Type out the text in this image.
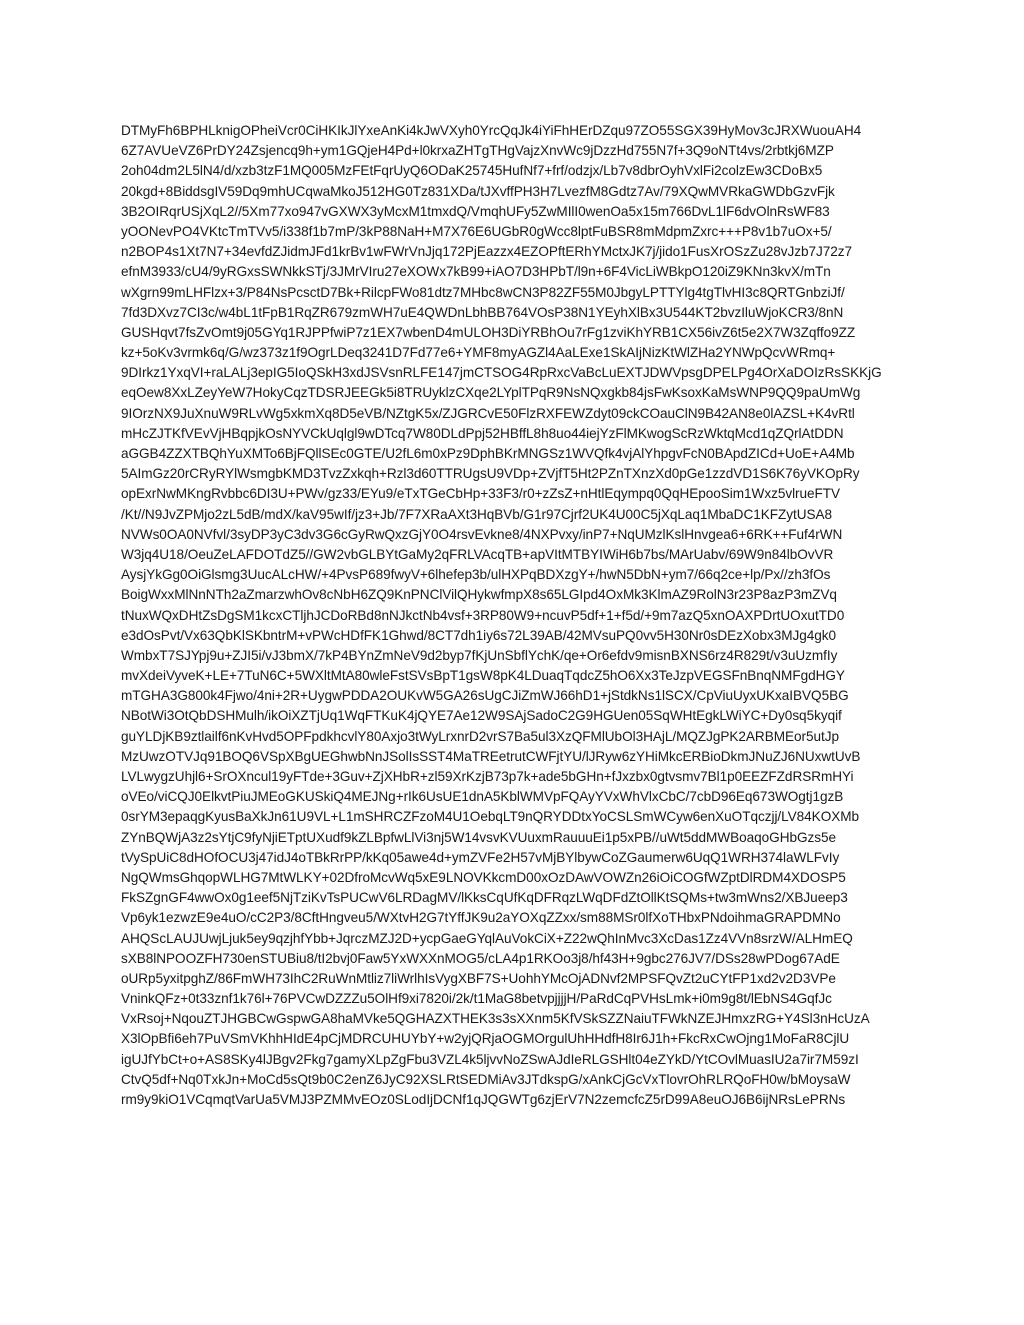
DTMyFh6BPHLknigOPheiVcr0CiHKIkJlYxeAnKi4kJwVXyh0YrcQqJk4iYiFhHErDZqu97ZO55SGX39HyMov3cJRXWuouAH4
6Z7AVUeVZ6PrDY24Zsjencq9h+ym1GQjeH4Pd+l0krxaZHTgTHgVajzXnvWc9jDzzHd755N7f+3Q9oNTt4vs/2rbtkj6MZP
2oh04dm2L5lN4/d/xzb3tzF1MQ005MzFEtFqrUyQ6ODaK25745HufNf7+frf/odzjx/Lb7v8dbrOyhVxlFi2colzEw3CDoBx5
20kgd+8BiddsgIV59Dq9mhUCqwaMkoJ512HG0Tz831XDa/tJXvffPH3H7LvezfM8Gdtz7Av/79XQwMVRkaGWDbGzvFjk
3B2OIRqrUSjXqL2//5Xm77xo947vGXWX3yMcxM1tmxdQ/VmqhUFy5ZwMIlI0wenOa5x15m766DvL1lF6dvOlnRsWF83
yOONevPO4VKtcTmTVv5/i338f1b7mP/3kP88NaH+M7X76E6UGbR0gWcc8lptFuBSR8mMdpmZxrc+++P8v1b7uOx+5/
n2BOP4s1Xt7N7+34evfdZJidmJFd1krBv1wFWrVnJjq172PjEazzx4EZOPftERhYMctxJK7j/jido1FusXrOSzZu28vJzb7J72z7
efnM3933/cU4/9yRGxsSWNkkSTj/3JMrVIru27eXOWx7kB99+iAO7D3HPbT/l9n+6F4VicLiWBkpO120iZ9KNn3kvX/mTn
wXgrn99mLHFlzx+3/P84NsPcsctD7Bk+RilcpFWo81dtz7MHbc8wCN3P82ZF55M0JbgyLPTTYlg4tgTlvHI3c8QRTGnbziJf/
7fd3DXvz7CI3c/w4bL1tFpB1RqZR679zmWH7uE4QWDnLbhBB764VOsP38N1YEyhXlBx3U544KT2bvzIluWjoKCR3/8nN
GUSHqvt7fsZvOmt9j05GYq1RJPPfwiP7z1EX7wbenD4mULOH3DiYRBhOu7rFg1zviKhYRB1CX56ivZ6t5e2X7W3Zqffo9ZZ
kz+5oKv3vrmk6q/G/wz373z1f9OgrLDeq3241D7Fd77e6+YMF8myAGZl4AaLExe1SkAIjNizKtWlZHa2YNWpQcvWRmq+
9DIrkz1YxqVI+raLALj3epIG5IoQSkH3xdJSVsnRLFE147jmCTSOG4RpRxcVaBcLuEXTJDWVpsgDPELPg4OrXaDOIzRsSKKjG
eqOew8XxLZeyYeW7HokyCqzTDSRJEEGk5i8TRUyklzCXqe2LYplTPqR9NsNQxgkb84jsFwKsoxKaMsWNP9QQ9paUmWg
9IOrzNX9JuXnuW9RLvWg5xkmXq8D5eVB/NZtgK5x/ZJGRCvE50FlzRXFEWZdyt09ckCOauClN9B42AN8e0lAZSL+K4vRtl
mHcZJTKfVEvVjHBqpjkOsNYVCkUqlgl9wDTcq7W80DLdPpj52HBffL8h8uo44iejYzFlMKwogScRzWktqMcd1qZQrlAtDDN
aGGB4ZZXTBQhYuXMTo6BjFQllSEc0GTE/U2fL6m0xPz9DphBKrMNGSz1WVQfk4vjAlYhpgvFcN0BApdZICd+UoE+A4Mb
5AImGz20rCRyRYlWsmgbKMD3TvzZxkqh+Rzl3d60TTRUgsU9VDp+ZVjfT5Ht2PZnTXnzXd0pGe1zzdVD1S6K76yVKOpRy
opExrNwMKngRvbbc6DI3U+PWv/gz33/EYu9/eTxTGeCbHp+33F3/r0+zZsZ+nHtlEqympq0QqHEpooSim1Wxz5vlrueFTV
/Kt//N9JvZPMjo2zL5dB/mdX/kaV95wIf/jz3+Jb/7F7XRaAXt3HqBVb/G1r97Cjrf2UK4U00C5jXqLaq1MbaDC1KFZytUSA8
NVWs0OA0NVfvl/3syDP3yC3dv3G6cGyRwQxzGjY0O4rsvEvkne8/4NXPvxy/inP7+NqUMzlKslHnvgea6+6RK++Fuf4rWN
W3jq4U18/OeuZeLAFDOTdZ5//GW2vbGLBYtGaMy2qFRLVAcqTB+apVItMTBYIWiH6b7bs/MArUabv/69W9n84lbOvVR
AysjYkGg0OiGlsmg3UucALcHW/+4PvsP689fwyV+6lhefep3b/ulHXPqBDXzgY+/hwN5DbN+ym7/66q2ce+lp/Px//zh3fOs
BoigWxxMlNnNTh2aZmarzwhOv8cNbH6ZQ9KnPNClVilQHykwfmpX8s65LGIpd4OxMk3KlmAZ9RolN3r23P8azP3mZVq
tNuxWQxDHtZsDgSM1kcxCTljhJCDoRBd8nNJkctNb4vsf+3RP80W9+ncuvP5df+1+f5d/+9m7azQ5xnOAXPDrtUOxutTD0
e3dOsPvt/Vx63QbKlSKbntrM+vPWcHDfFK1Ghwd/8CT7dh1iy6s72L39AB/42MVsuPQ0vv5H30Nr0sDEzXobx3MJg4gk0
WmbxT7SJYpj9u+ZJI5i/vJ3bmX/7kP4BYnZmNeV9d2byp7fKjUnSbflYchK/qe+Or6efdv9misnBXNS6rz4R829t/v3uUzmfIy
mvXdeiVyveK+LE+7TuN6C+5WXltMtA80wleFstSVsBpT1gsW8pK4LDuaqTqdcZ5hO6Xx3TeJzpVEGSFnBnqNMFgdHGY
mTGHA3G800k4Fjwo/4ni+2R+UygwPDDA2OUKvW5GA26sUgCJiZmWJ66hD1+jStdkNs1lSCX/CpViuUyxUKxaIBVQ5BG
NBotWi3OtQbDSHMulh/ikOiXZTjUq1WqFTKuK4jQYE7Ae12W9SAjSadoC2G9HGUen05SqWHtEgkLWiYC+Dy0sq5kyqif
guYLDjKB9ztlailf6nKvHvd5OPFpdkhcvlY80Axjo3tWyLrxnrD2vrS7Ba5ul3XzQFMlUbOl3HAjL/MQZJgPK2ARBMEor5utJp
MzUwzOTVJq91BOQ6VSpXBgUEGhwbNnJSolIsSST4MaTREetrutCWFjtYU/lJRyw6zYHiMkcERBioDkmJNuZJ6NUxwtUvB
LVLwygzUhjl6+SrOXncul19yFTde+3Guv+ZjXHbR+zl59XrKzjB73p7k+ade5bGHn+fJxzbx0gtvsmv7Bl1p0EEZFZdRSRmHYi
oVEo/viCQJ0ElkvtPiuJMEoGKUSkiQ4MEJNg+rIk6UsUE1dnA5KblWMVpFQAyYVxWhVlxCbC/7cbD96Eq673WOgtj1gzB
0srYM3epaqgKyusBaXkJn61U9VL+L1mSHRCZFzoM4U1OebqLT9nQRYDDtxYoCSLSmWCyw6enXuOTqczjj/LV84KOXMb
ZYnBQWjA3z2sYtjC9fyNjiETptUXudf9kZLBpfwLlVi3nj5W14vsvKVUuxmRauuuEi1p5xPB//uWt5ddMWBoaqoGHbGzs5e
tVySpUiC8dHOfOCU3j47idJ4oTBkRrPP/kKq05awe4d+ymZVFe2H57vMjBYlbywCoZGaumerw6UqQ1WRH374laWLFvIy
NgQWmsGhqopWLHG7MtWLKY+02DfroMcvWq5xE9LNOVKkcmD00xOzDAwVOWZn26iOiCOGfWZptDlRDM4XDOSP5
FkSZgnGF4wwOx0g1eef5NjTziKvTsPUCwV6LRDagMV/lKksCqUfKqDFRqzLWqDFdZtOllKtSQMs+tw3mWns2/XBJueep3
Vp6yk1ezwzE9e4uO/cC2P3/8CftHngveu5/WXtvH2G7tYffJK9u2aYOXqZZxx/sm88MSr0lfXoTHbxPNdoihmaGRAPDMNo
AHQScLAUJUwjLjuk5ey9qzjhfYbb+JqrczMZJ2D+ycpGaeGYqlAuVokCiX+Z22wQhInMvc3XcDas1Zz4VVn8srzW/ALHmEQ
sXB8lNPOOZFH730enSTUBiu8/tI2bvj0Faw5YxWXXnMOG5/cLA4p1RKOo3j8/hf43H+9gbc276JV7/DSs28wPDog67AdE
oURp5yxitpghZ/86FmWH73IhC2RuWnMtliz7liWrlhIsVygXBF7S+UohhYMcOjADNvf2MPSFQvZt2uCYtFP1xd2v2D3VPe
VninkQFz+0t33znf1k76l+76PVCwDZZZu5OlHf9xi7820i/2k/t1MaG8betvpjjjjH/PaRdCqPVHsLmk+i0m9g8t/lEbNS4GqfJc
VxRsoj+NqouZTJHGBCwGspwGA8haMVke5QGHAZXTHEK3s3sXXnm5KfVSkSZZNaiuTFWkNZEJHmxzRG+Y4Sl3nHcUzA
X3lOpBfi6eh7PuVSmVKhhHIdE4pCjMDRCUHUYbY+w2yjQRjaOGMOrgulUhHHdfH8Ir6J1h+FkcRxCwOjng1MoFaR8CjlU
igUJfYbCt+o+AS8SKy4lJBgv2Fkg7gamyXLpZgFbu3VZL4k5ljvvNoZSwAJdIeRLGSHlt04eZYkD/YtCOvlMuasIU2a7ir7M59zI
CtvQ5df+Nq0TxkJn+MoCd5sQt9b0C2enZ6JyC92XSLRtSEDMiAv3JTdkspG/xAnkCjGcVxTlovrOhRLRQoFH0w/bMoysaW
rm9y9kiO1VCqmqtVarUa5VMJ3PZMMvEOz0SLodIjDCNf1qJQGWTg6zjErV7N2zemcfcZ5rD99A8euOJ6B6ijNRsLePRNs
